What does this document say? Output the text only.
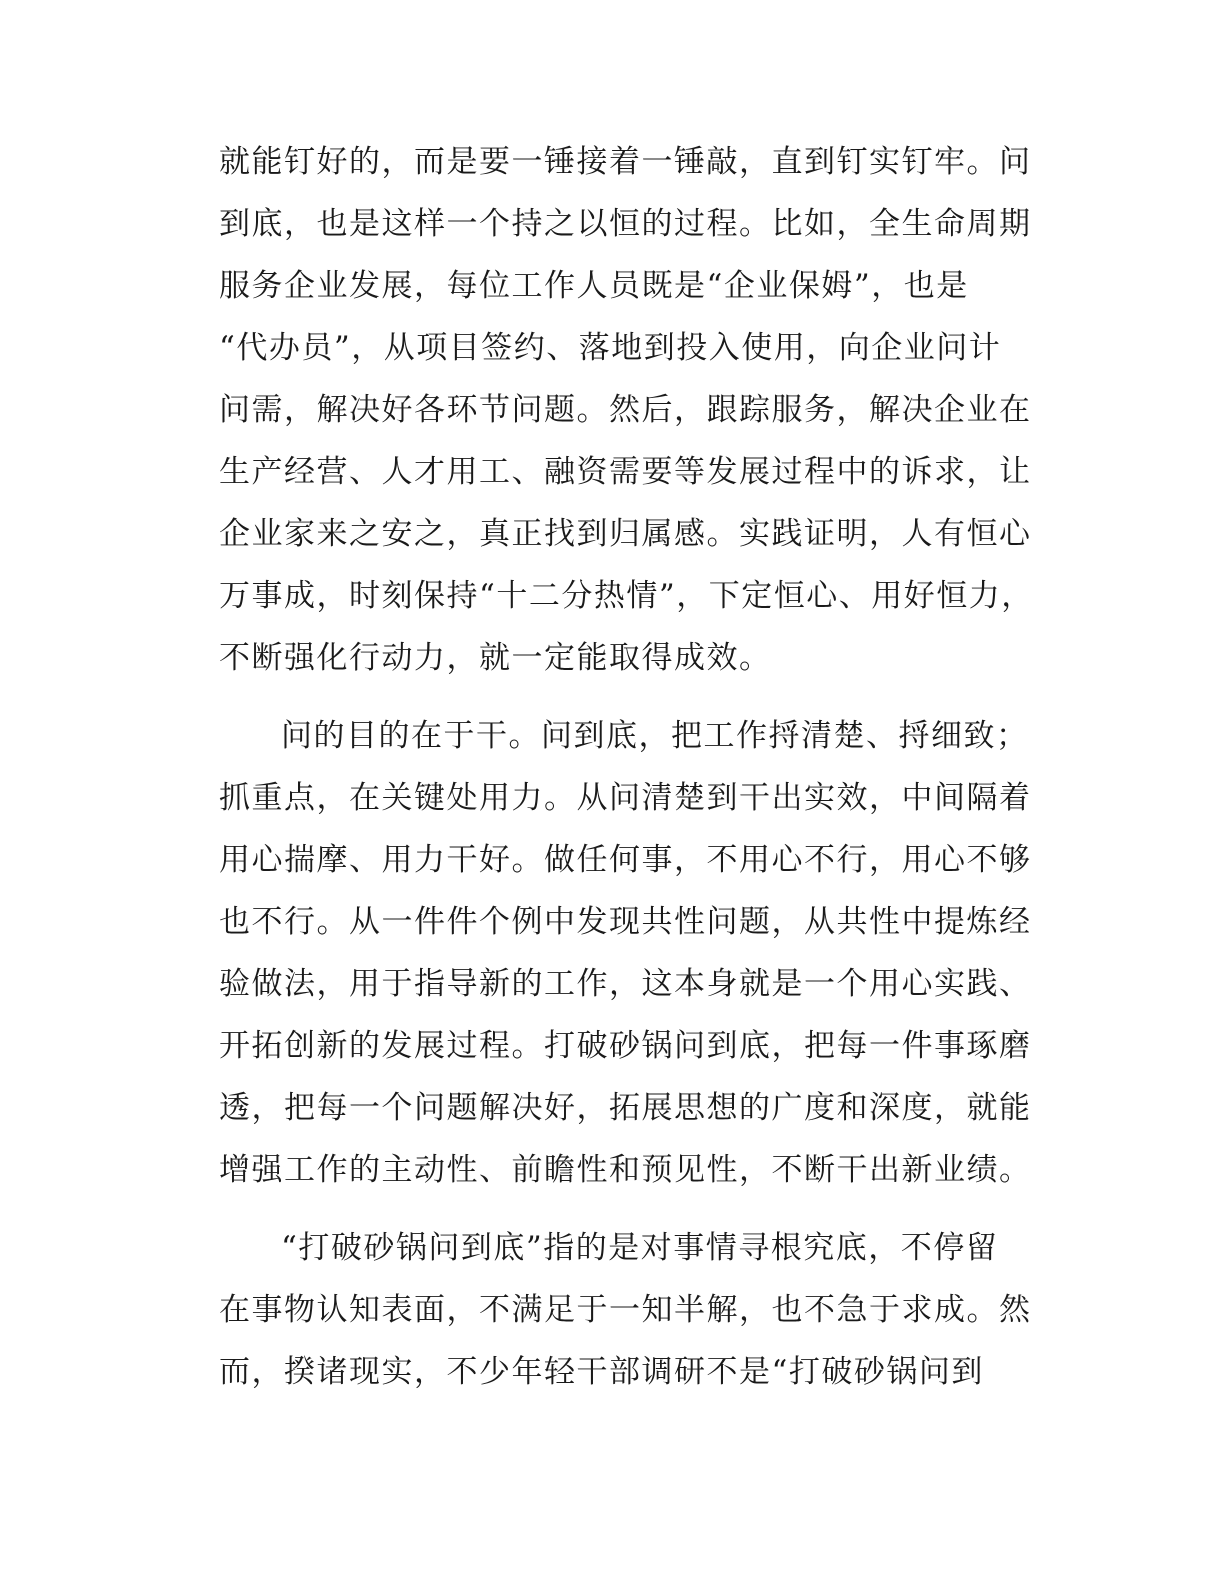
就能钉好的，而是要一锤接着一锤敲，直到钉实钉牢。问
到底，也是这样一个持之以恒的过程。比如，全生命周期
服务企业发展，每位工作人员既是“企业保姆”，也是
“代办员”，从项目签约、落地到投入使用，向企业问计
问需，解决好各环节问题。然后，跟踪服务，解决企业在
生产经营、人才用工、融资需要等发展过程中的诉求，让
企业家来之安之，真正找到归属感。实践证明，人有恒心
万事成，时刻保持“十二分热情”，下定恒心、用好恒力，
不断强化行动力，就一定能取得成效。
问的目的在于干。问到底，把工作捋清楚、捋细致；
抓重点，在关键处用力。从问清楚到干出实效，中间隔着
用心揣摩、用力干好。做任何事，不用心不行，用心不够
也不行。从一件件个例中发现共性问题，从共性中提炼经
验做法，用于指导新的工作，这本身就是一个用心实践、
开拓创新的发展过程。打破砂锅问到底，把每一件事琢磨
透，把每一个问题解决好，拓展思想的广度和深度，就能
增强工作的主动性、前瞻性和预见性，不断干出新业绩。
“打破砂锅问到底”指的是对事情寻根究底，不停留
在事物认知表面，不满足于一知半解，也不急于求成。然
而，揆诸现实，不少年轻干部调研不是“打破砂锅问到
